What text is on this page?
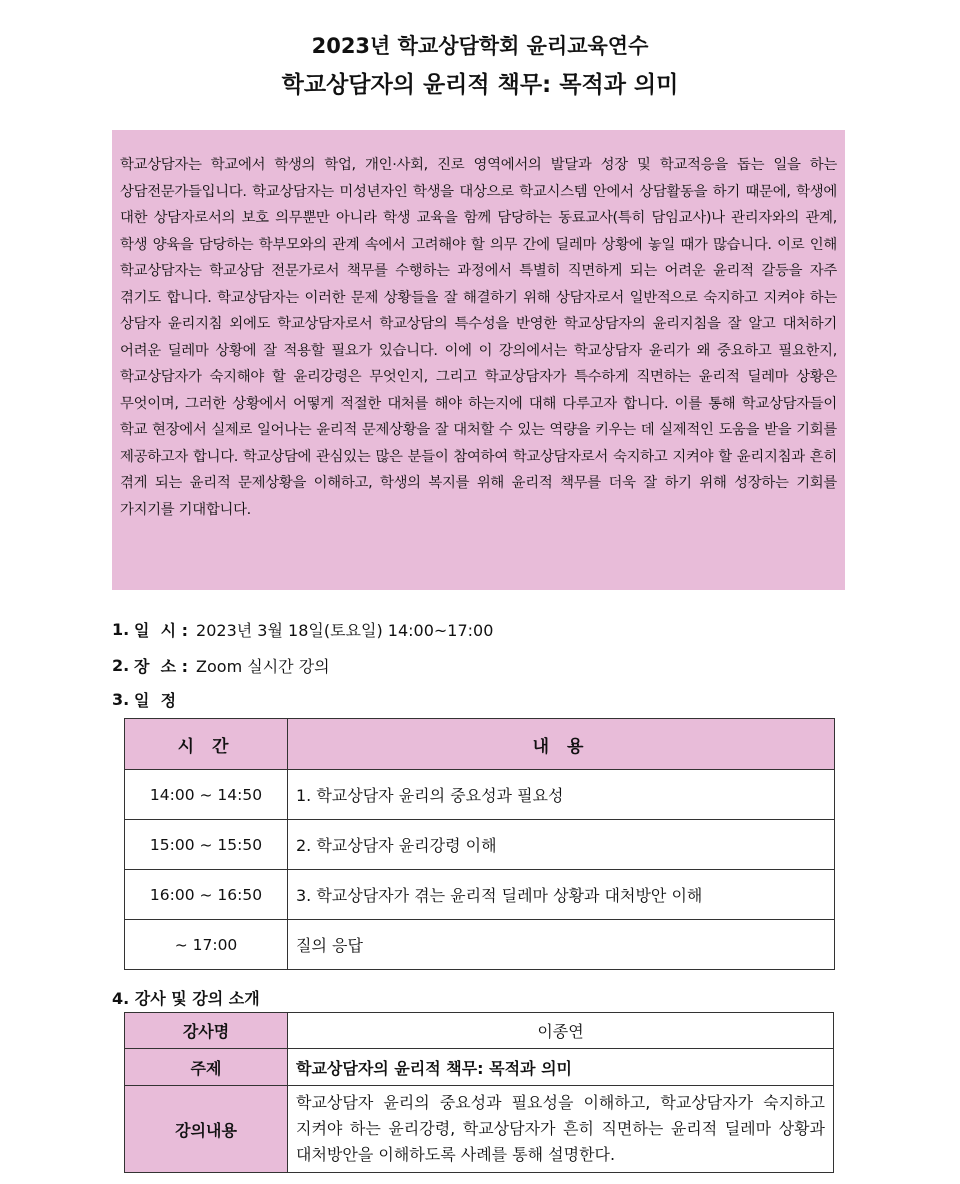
2023년 학교상담학회 윤리교육연수
학교상담자의 윤리적 책무: 목적과 의미

학교상담자는 학교에서 학생의 학업, 개인·사회, 진로 영역에서의 발달과 성장 및 학교적응을 돕는 일을 하는 상담전문가들입니다. 학교상담자는 미성년자인 학생을 대상으로 학교시스템 안에서 상담활동을 하기 때문에, 학생에 대한 상담자로서의 보호 의무뿐만 아니라 학생 교육을 함께 담당하는 동료교사(특히 담임교사)나 관리자와의 관계, 학생 양육을 담당하는 학부모와의 관계 속에서 고려해야 할 의무 간에 딜레마 상황에 놓일 때가 많습니다. 이로 인해 학교상담자는 학교상담 전문가로서 책무를 수행하는 과정에서 특별히 직면하게 되는 어려운 윤리적 갈등을 자주 겪기도 합니다. 학교상담자는 이러한 문제 상황들을 잘 해결하기 위해 상담자로서 일반적으로 숙지하고 지켜야 하는 상담자 윤리지침 외에도 학교상담자로서 학교상담의 특수성을 반영한 학교상담자의 윤리지침을 잘 알고 대처하기 어려운 딜레마 상황에 잘 적용할 필요가 있습니다. 이에 이 강의에서는 학교상담자 윤리가 왜 중요하고 필요한지, 학교상담자가 숙지해야 할 윤리강령은 무엇인지, 그리고 학교상담자가 특수하게 직면하는 윤리적 딜레마 상황은 무엇이며, 그러한 상황에서 어떻게 적절한 대처를 해야 하는지에 대해 다루고자 합니다. 이를 통해 학교상담자들이 학교 현장에서 실제로 일어나는 윤리적 문제상황을 잘 대처할 수 있는 역량을 키우는 데 실제적인 도움을 받을 기회를 제공하고자 합니다. 학교상담에 관심있는 많은 분들이 참여하여 학교상담자로서 숙지하고 지켜야 할 윤리지침과 흔히 겪게 되는 윤리적 문제상황을 이해하고, 학생의 복지를 위해 윤리적 책무를 더욱 잘 하기 위해 성장하는 기회를 가지기를 기대합니다.

1. 일  시 : 2023년 3월 18일(토요일) 14:00~17:00
2. 장  소 : Zoom 실시간 강의
3. 일  정
시 간	내 용
14:00 ~ 14:50	1. 학교상담자 윤리의 중요성과 필요성
15:00 ~ 15:50	2. 학교상담자 윤리강령 이해
16:00 ~ 16:50	3. 학교상담자가 겪는 윤리적 딜레마 상황과 대처방안 이해
~ 17:00	질의 응답
4. 강사 및 강의 소개
강사명	이종연
주제	학교상담자의 윤리적 책무: 목적과 의미
강의내용	학교상담자 윤리의 중요성과 필요성을 이해하고, 학교상담자가 숙지하고 지켜야 하는 윤리강령, 학교상담자가 흔히 직면하는 윤리적 딜레마 상황과 대처방안을 이해하도록 사례를 통해 설명한다.
